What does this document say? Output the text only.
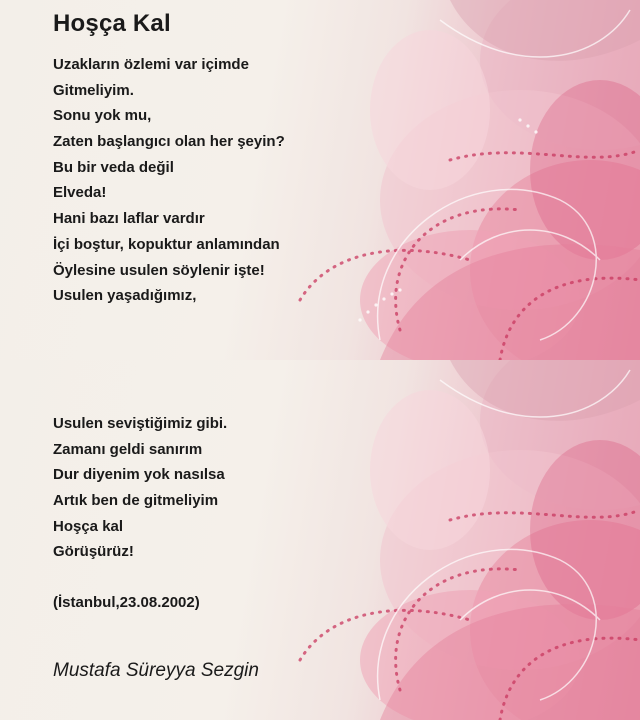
Hoşça Kal
Uzakların özlemi var içimde
Gitmeliyim.
Sonu yok mu,
Zaten başlangıcı olan her şeyin?
Bu bir veda değil
Elveda!
Hani bazı laflar vardır
İçi boştur, kopuktur anlamından
Öylesine usulen söylenir işte!
Usulen yaşadığımız,
Usulen seviştiğimiz gibi.
Zamanı geldi sanırım
Dur diyenim yok nasılsa
Artık ben de gitmeliyim
Hoşça kal
Görüşürüz!
(İstanbul,23.08.2002)
Mustafa Süreyya Sezgin
